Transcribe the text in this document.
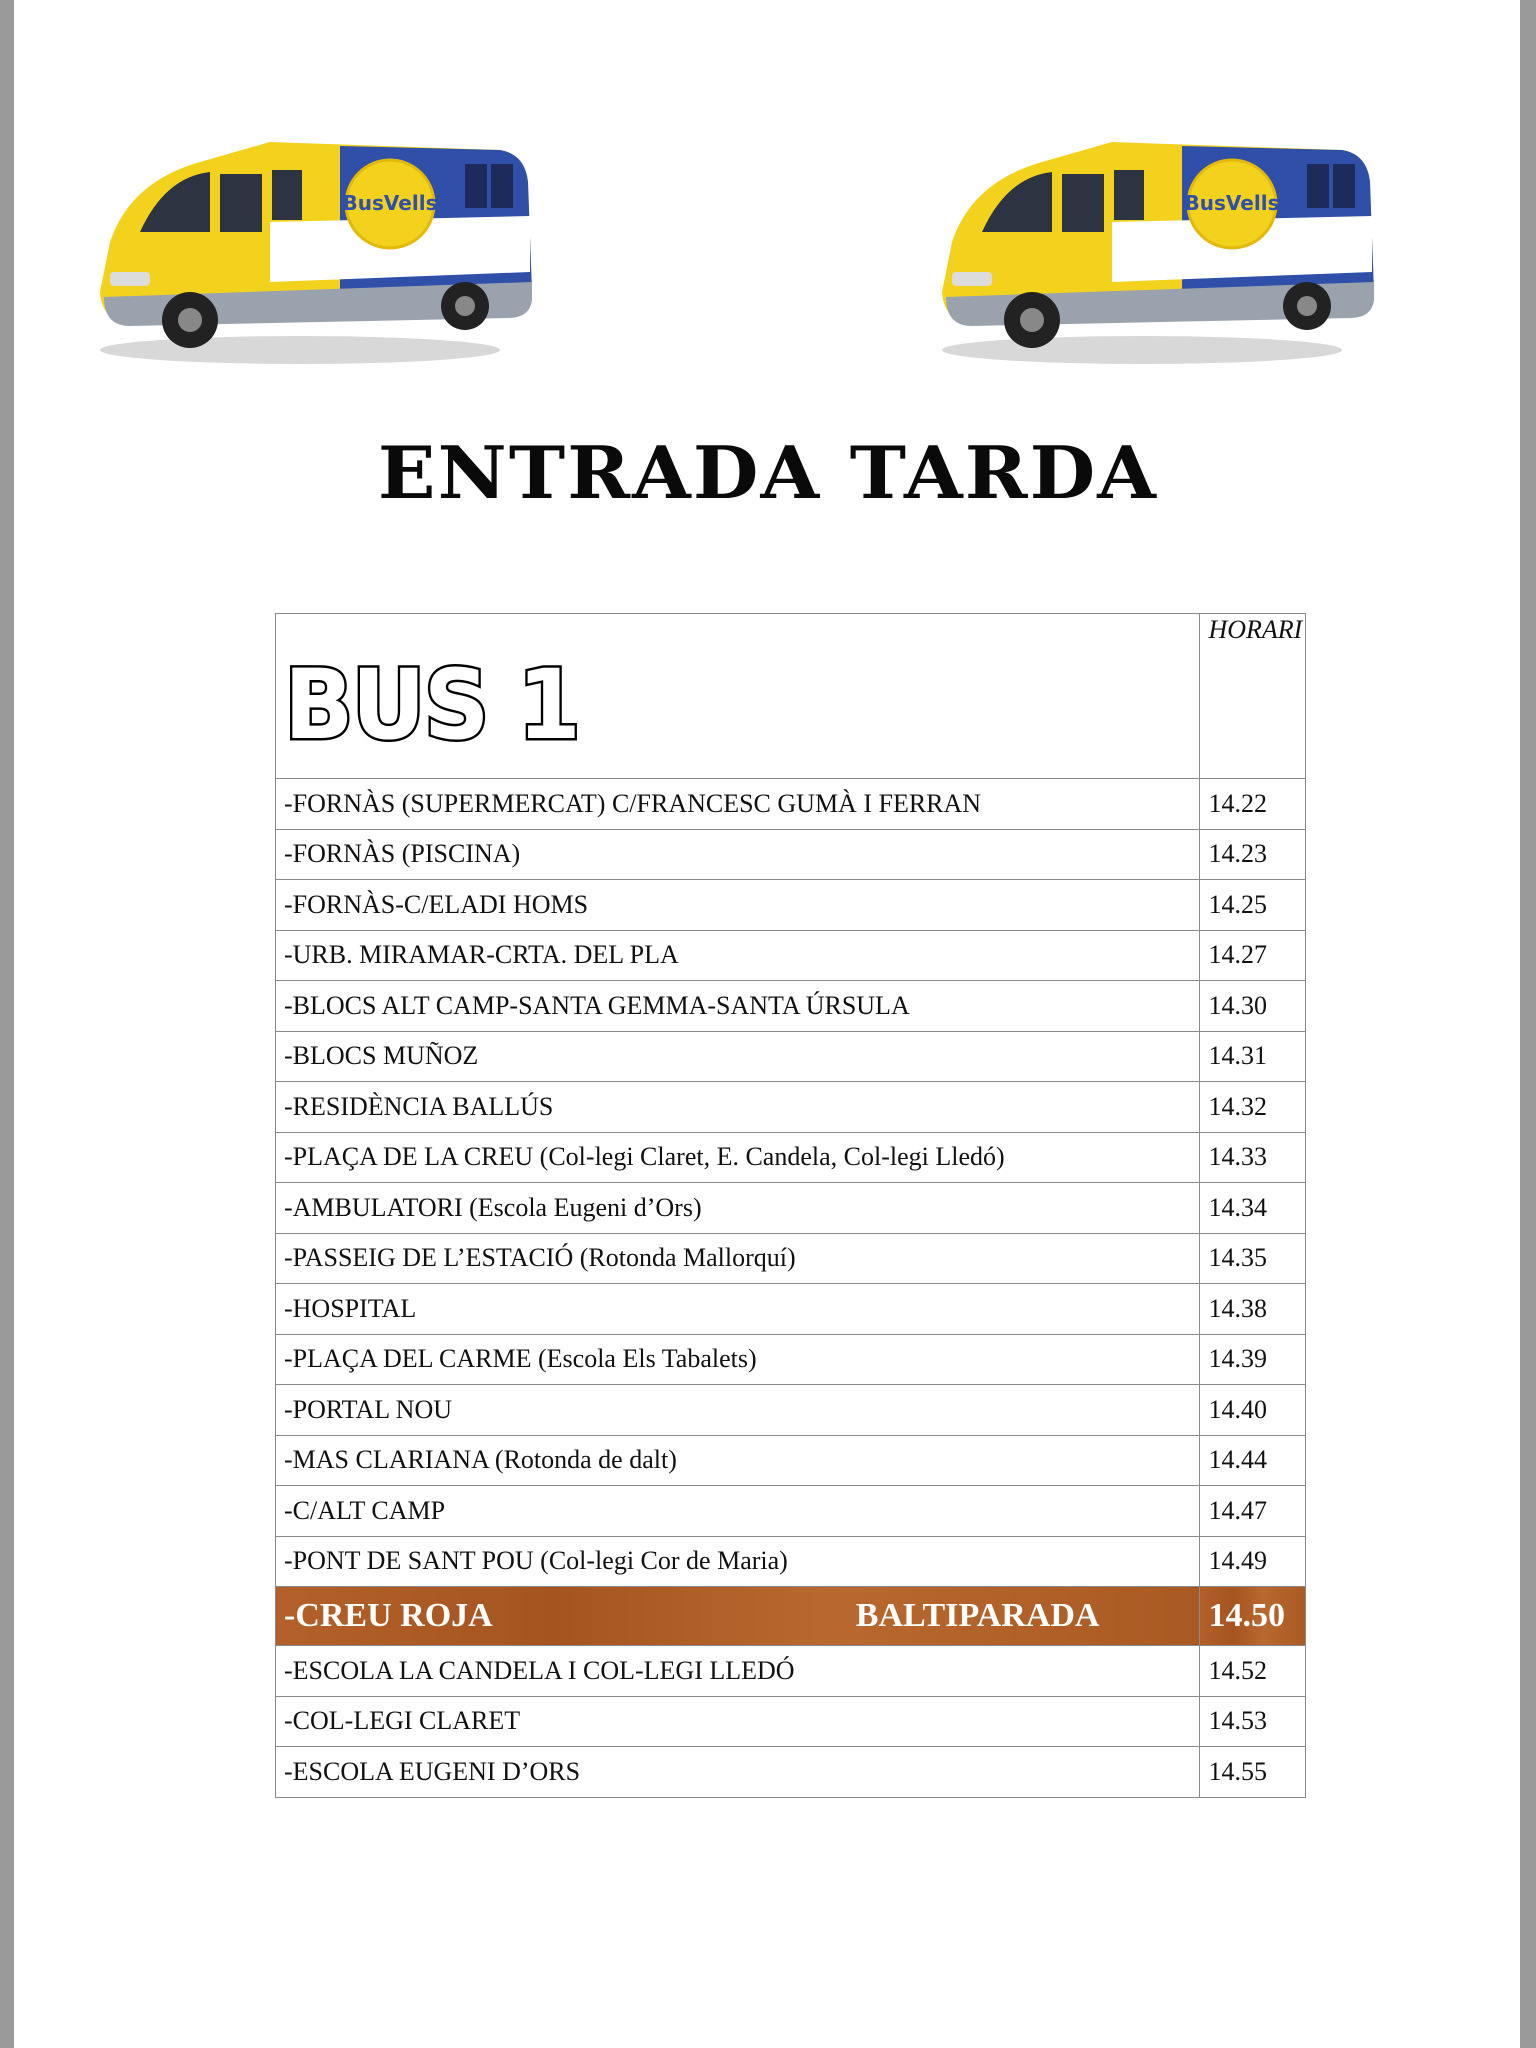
BusVells	BusVells
ENTRADA TARDA
BUS 1	HORARI
-FORNÀS (SUPERMERCAT) C/FRANCESC GUMÀ I FERRAN	14.22
-FORNÀS (PISCINA)	14.23
-FORNÀS-C/ELADI HOMS	14.25
-URB. MIRAMAR-CRTA. DEL PLA	14.27
-BLOCS ALT CAMP-SANTA GEMMA-SANTA ÚRSULA	14.30
-BLOCS MUÑOZ	14.31
-RESIDÈNCIA BALLÚS	14.32
-PLAÇA DE LA CREU (Col-legi Claret, E. Candela, Col-legi Lledó)	14.33
-AMBULATORI (Escola Eugeni d’Ors)	14.34
-PASSEIG DE L’ESTACIÓ (Rotonda Mallorquí)	14.35
-HOSPITAL	14.38
-PLAÇA DEL CARME (Escola Els Tabalets)	14.39
-PORTAL NOU	14.40
-MAS CLARIANA (Rotonda de dalt)	14.44
-C/ALT CAMP	14.47
-PONT DE SANT POU (Col-legi Cor de Maria)	14.49

-CREU ROJA BALTIPARADA	14.50
-ESCOLA LA CANDELA I COL-LEGI LLEDÓ	14.52
-COL-LEGI CLARET	14.53
-ESCOLA EUGENI D’ORS	14.55
